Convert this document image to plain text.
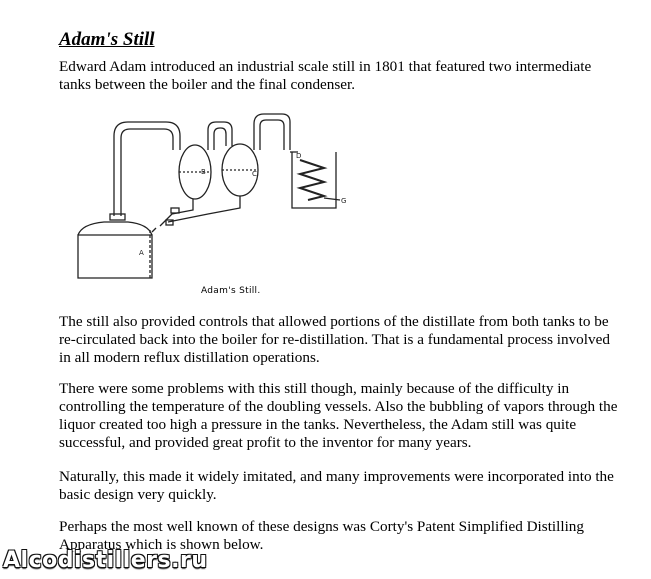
Adam's Still

Edward Adam introduced an industrial scale still in 1801 that featured two intermediate tanks between the boiler and the final condenser.

A
B	C
D
G
Adam's Still.

The still also provided controls that allowed portions of the distillate from both tanks to be re-circulated back into the boiler for re-distillation. That is a fundamental process involved in all modern reflux distillation operations.

There were some problems with this still though, mainly because of the difficulty in controlling the temperature of the doubling vessels. Also the bubbling of vapors through the liquor created too high a pressure in the tanks. Nevertheless, the Adam still was quite successful, and provided great profit to the inventor for many years.

Naturally, this made it widely imitated, and many improvements were incorporated into the basic design very quickly.

Perhaps the most well known of these designs was Corty's Patent Simplified Distilling Apparatus which is shown below.

Alcodistillers.ru
